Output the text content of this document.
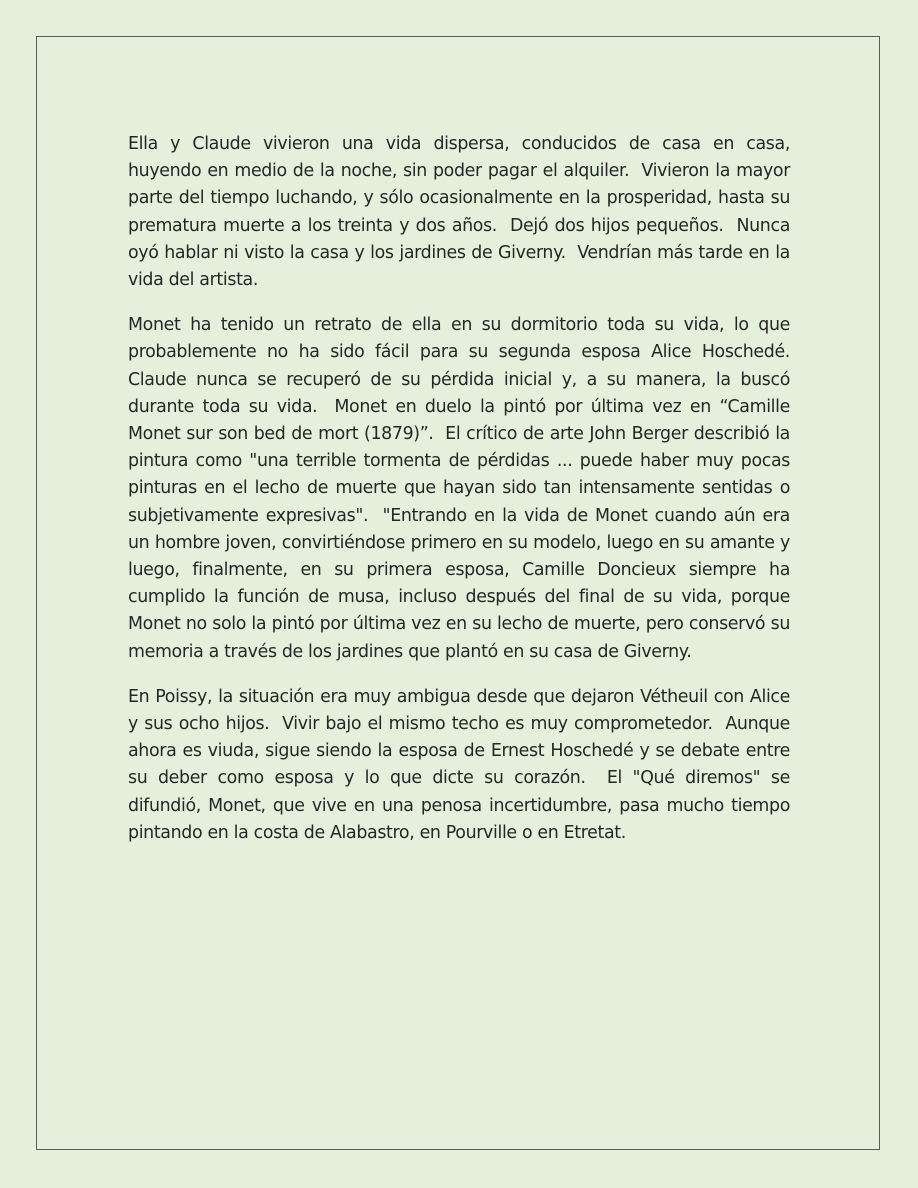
Ella y Claude vivieron una vida dispersa, conducidos de casa en casa, huyendo en medio de la noche, sin poder pagar el alquiler.  Vivieron la mayor parte del tiempo luchando, y sólo ocasionalmente en la prosperidad, hasta su prematura muerte a los treinta y dos años.  Dejó dos hijos pequeños.  Nunca oyó hablar ni visto la casa y los jardines de Giverny.  Vendrían más tarde en la vida del artista.

Monet ha tenido un retrato de ella en su dormitorio toda su vida, lo que probablemente no ha sido fácil para su segunda esposa Alice Hoschedé.  Claude nunca se recuperó de su pérdida inicial y, a su manera, la buscó durante toda su vida.  Monet en duelo la pintó por última vez en “Camille Monet sur son bed de mort (1879)”.  El crítico de arte John Berger describió la pintura como "una terrible tormenta de pérdidas ... puede haber muy pocas pinturas en el lecho de muerte que hayan sido tan intensamente sentidas o subjetivamente expresivas".  "Entrando en la vida de Monet cuando aún era un hombre joven, convirtiéndose primero en su modelo, luego en su amante y luego, finalmente, en su primera esposa, Camille Doncieux siempre ha cumplido la función de musa, incluso después del final de su vida, porque Monet no solo la pintó por última vez en su lecho de muerte, pero conservó su memoria a través de los jardines que plantó en su casa de Giverny.

En Poissy, la situación era muy ambigua desde que dejaron Vétheuil con Alice y sus ocho hijos.  Vivir bajo el mismo techo es muy comprometedor.  Aunque ahora es viuda, sigue siendo la esposa de Ernest Hoschedé y se debate entre su deber como esposa y lo que dicte su corazón.  El "Qué diremos" se difundió, Monet, que vive en una penosa incertidumbre, pasa mucho tiempo pintando en la costa de Alabastro, en Pourville o en Etretat.
